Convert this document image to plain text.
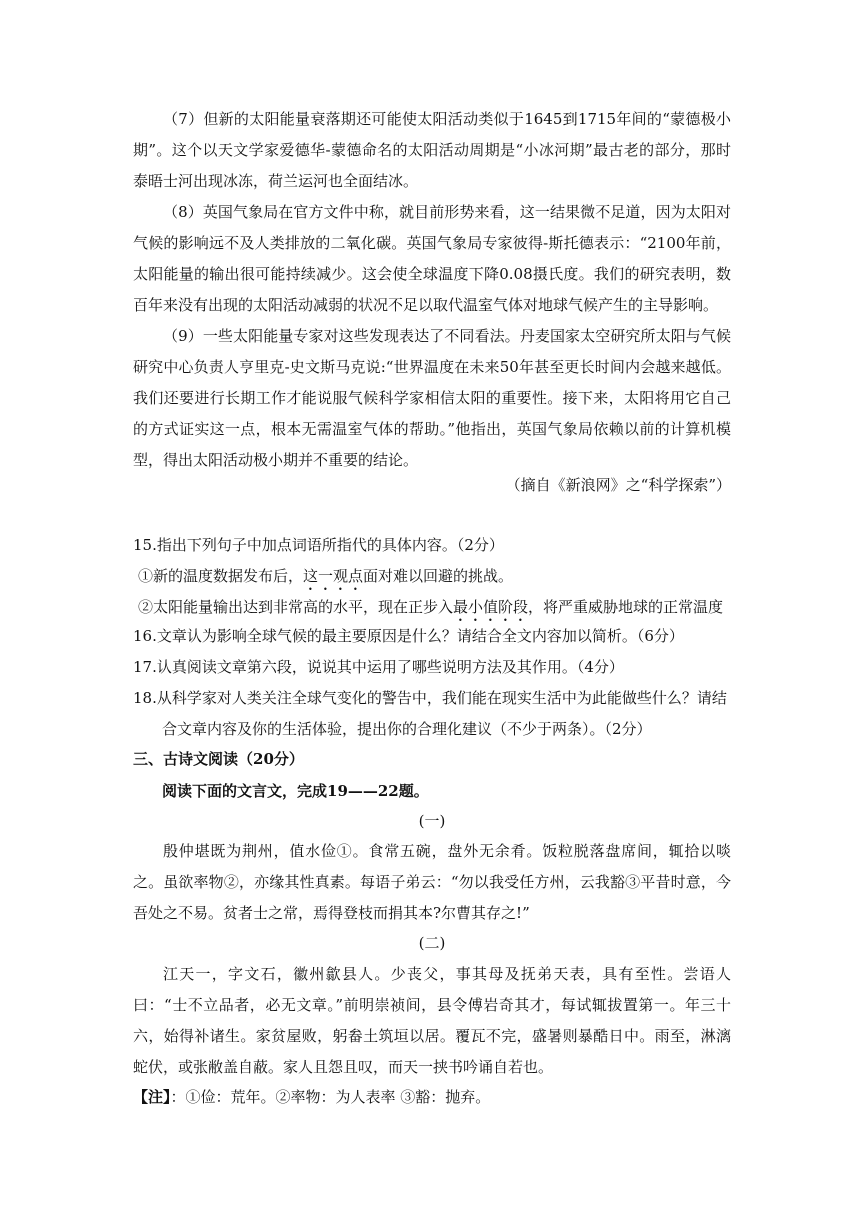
（7）但新的太阳能量衰落期还可能使太阳活动类似于1645到1715年间的“蒙德极小期”。这个以天文学家爱德华-蒙德命名的太阳活动周期是“小冰河期”最古老的部分，那时泰晤士河出现冰冻，荷兰运河也全面结冰。

（8）英国气象局在官方文件中称，就目前形势来看，这一结果微不足道，因为太阳对气候的影响远不及人类排放的二氧化碳。英国气象局专家彼得-斯托德表示：“2100年前，太阳能量的输出很可能持续减少。这会使全球温度下降0.08摄氏度。我们的研究表明，数百年来没有出现的太阳活动减弱的状况不足以取代温室气体对地球气候产生的主导影响。

（9）一些太阳能量专家对这些发现表达了不同看法。丹麦国家太空研究所太阳与气候研究中心负责人亨里克-史文斯马克说:“世界温度在未来50年甚至更长时间内会越来越低。我们还要进行长期工作才能说服气候科学家相信太阳的重要性。接下来，太阳将用它自己的方式证实这一点，根本无需温室气体的帮助。”他指出，英国气象局依赖以前的计算机模型，得出太阳活动极小期并不重要的结论。

（摘自《新浪网》之“科学探索”）
15.指出下列句子中加点词语所指代的具体内容。（2分）
①新的温度数据发布后，这一观点面对难以回避的挑战。
②太阳能量输出达到非常高的水平，现在正步入最小值阶段，将严重威胁地球的正常温度
16.文章认为影响全球气候的最主要原因是什么？请结合全文内容加以简析。（6分）
17.认真阅读文章第六段，说说其中运用了哪些说明方法及其作用。（4分）
18.从科学家对人类关注全球气变化的警告中，我们能在现实生活中为此能做些什么？请结
合文章内容及你的生活体验，提出你的合理化建议（不少于两条）。（2分）
三、古诗文阅读（20分）
阅读下面的文言文，完成19——22题。
(一)

殷仲堪既为荆州，值水俭①。食常五碗，盘外无余肴。饭粒脱落盘席间，辄拾以啖之。虽欲率物②，亦缘其性真素。每语子弟云：“勿以我受任方州，云我豁③平昔时意，今吾处之不易。贫者士之常，焉得登枝而捐其本?尔曹其存之!”

(二)

江天一，字文石，徽州歙县人。少丧父，事其母及抚弟天表，具有至性。尝语人曰：“士不立品者，必无文章。”前明崇祯间，县令傅岩奇其才，每试辄拔置第一。年三十六，始得补诸生。家贫屋败，躬畚土筑垣以居。覆瓦不完，盛暑则暴酷日中。雨至，淋漓蛇伏，或张敝盖自蔽。家人且怨且叹，而天一挟书吟诵自若也。

【注】：①俭：荒年。②率物：为人表率 ③豁：抛弃。
